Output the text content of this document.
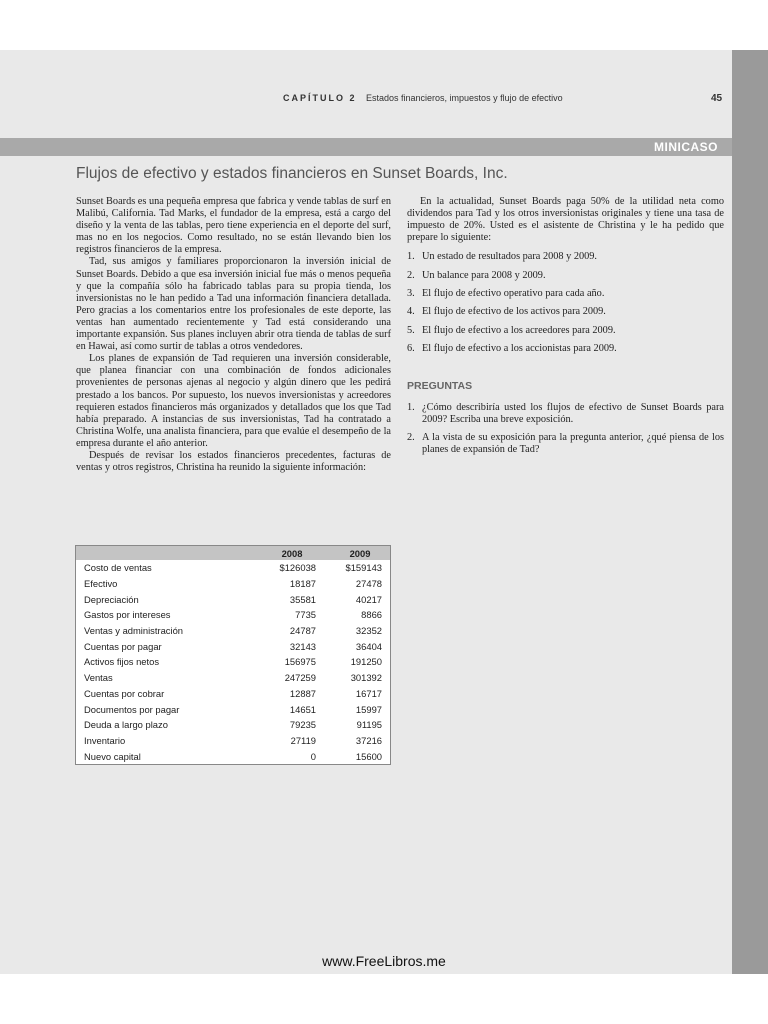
CAPÍTULO 2 Estados financieros, impuestos y flujo de efectivo	45
MINICASO
Flujos de efectivo y estados financieros en Sunset Boards, Inc.

Sunset Boards es una pequeña empresa que fabrica y vende tablas de surf en Malibú, California. Tad Marks, el fundador de la empresa, está a cargo del diseño y la venta de las tablas, pero tiene experiencia en el deporte del surf, mas no en los negocios. Como resultado, no se están llevando bien los registros financieros de la empresa.

Tad, sus amigos y familiares proporcionaron la inversión inicial de Sunset Boards. Debido a que esa inversión inicial fue más o menos pequeña y que la compañía sólo ha fabricado tablas para su propia tienda, los inversionistas no le han pedido a Tad una información financiera detallada. Pero gracias a los comentarios entre los profesionales de este deporte, las ventas han aumentado recientemente y Tad está considerando una importante expansión. Sus planes incluyen abrir otra tienda de tablas de surf en Hawai, así como surtir de tablas a otros vendedores.

Los planes de expansión de Tad requieren una inversión considerable, que planea financiar con una combinación de fondos adicionales provenientes de personas ajenas al negocio y algún dinero que les pedirá prestado a los bancos. Por supuesto, los nuevos inversionistas y acreedores requieren estados financieros más organizados y detallados que los que Tad había preparado. A instancias de sus inversionistas, Tad ha contratado a Christina Wolfe, una analista financiera, para que evalúe el desempeño de la empresa durante el año anterior.

Después de revisar los estados financieros precedentes, facturas de ventas y otros registros, Christina ha reunido la siguiente información:

En la actualidad, Sunset Boards paga 50% de la utilidad neta como dividendos para Tad y los otros inversionistas originales y tiene una tasa de impuesto de 20%. Usted es el asistente de Christina y le ha pedido que prepare lo siguiente:

1. Un estado de resultados para 2008 y 2009.
2. Un balance para 2008 y 2009.
3. El flujo de efectivo operativo para cada año.
4. El flujo de efectivo de los activos para 2009.
5. El flujo de efectivo a los acreedores para 2009.
6. El flujo de efectivo a los accionistas para 2009.
PREGUNTAS
1. ¿Cómo describiría usted los flujos de efectivo de Sunset Boards para 2009? Escriba una breve exposición.
2. A la vista de su exposición para la pregunta anterior, ¿qué piensa de los planes de expansión de Tad?
	2008	2009
Costo de ventas	$126038	$159143
Efectivo	18187	27478
Depreciación	35581	40217
Gastos por intereses	7735	8866
Ventas y administración	24787	32352
Cuentas por pagar	32143	36404
Activos fijos netos	156975	191250
Ventas	247259	301392
Cuentas por cobrar	12887	16717
Documentos por pagar	14651	15997
Deuda a largo plazo	79235	91195
Inventario	27119	37216
Nuevo capital	0	15600
www.FreeLibros.me
